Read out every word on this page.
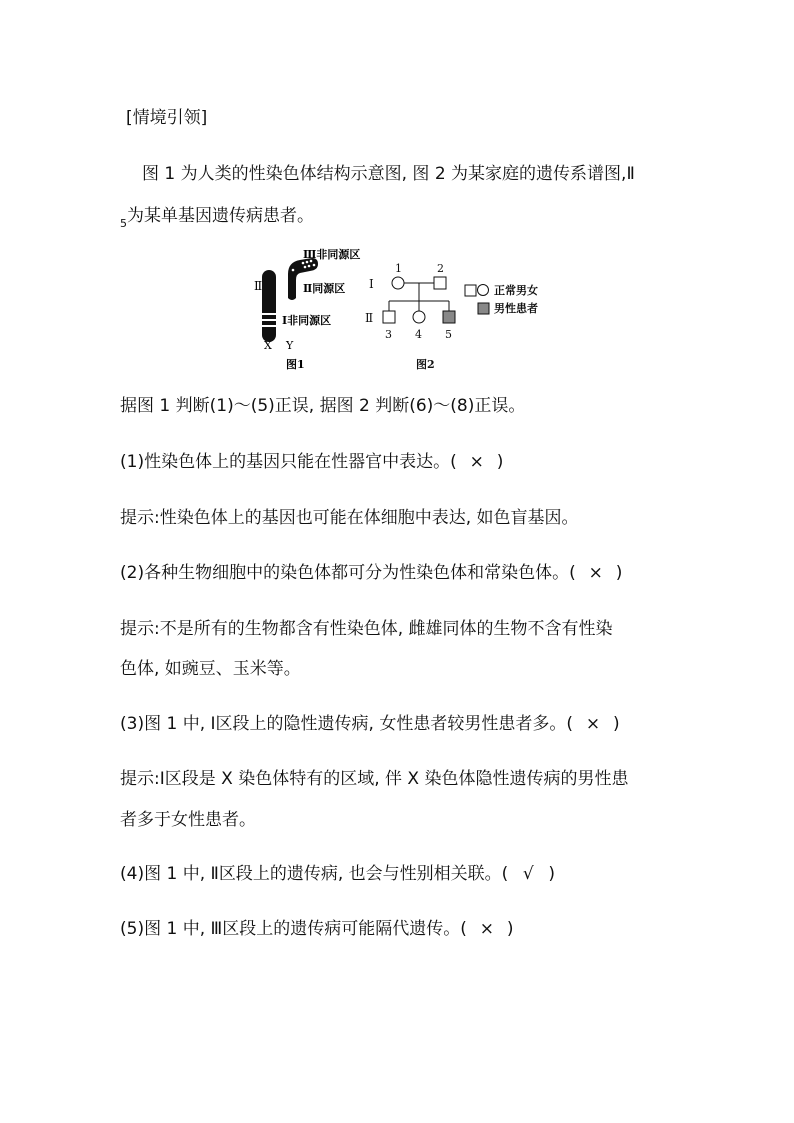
[情境引领]
图 1 为人类的性染色体结构示意图, 图 2 为某家庭的遗传系谱图,Ⅱ
$_5$为某单基因遗传病患者。
Ⅱ
Ⅲ非同源区
Ⅱ同源区
Ⅰ非同源区
X Y
图1
Ⅰ
Ⅱ
1	2
3 4 5
图2
正常男女
男性患者
据图 1 判断(1)～(5)正误, 据图 2 判断(6)～(8)正误。
(1)性染色体上的基因只能在性器官中表达。( × )
提示:性染色体上的基因也可能在体细胞中表达, 如色盲基因。
(2)各种生物细胞中的染色体都可分为性染色体和常染色体。( × )
提示:不是所有的生物都含有性染色体, 雌雄同体的生物不含有性染
色体, 如豌豆、玉米等。
(3)图 1 中, Ⅰ区段上的隐性遗传病, 女性患者较男性患者多。( × )
提示:Ⅰ区段是 X 染色体特有的区域, 伴 X 染色体隐性遗传病的男性患
者多于女性患者。
(4)图 1 中, Ⅱ区段上的遗传病, 也会与性别相关联。( √ )
(5)图 1 中, Ⅲ区段上的遗传病可能隔代遗传。( × )
